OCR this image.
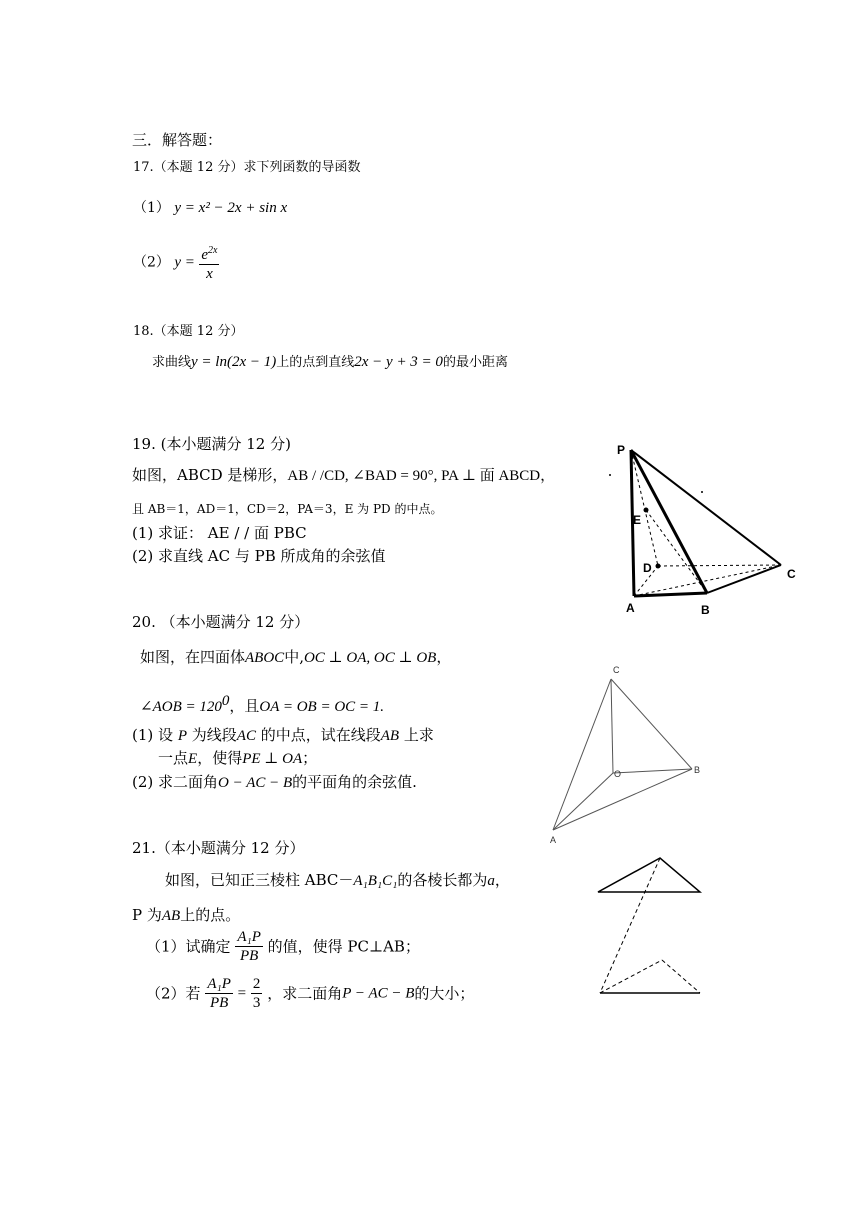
三．解答题：
17.（本题 12 分）求下列函数的导函数
（1） y = x² − 2x + sin x
（2） $y = \frac{e^{2x}}{x}$
18.（本题 12 分）
求曲线y = ln(2x − 1)上的点到直线2x − y + 3 = 0的最小距离
19. (本小题满分 12 分)
如图，ABCD 是梯形，AB / /CD, ∠BAD = 90°, PA ⊥ 面 ABCD，
且 AB＝1，AD＝1，CD＝2，PA＝3，E 为 PD 的中点。
(1) 求证： AE / / 面 PBC
(2) 求直线 AC 与 PB 所成角的余弦值
P
E
D	C
A	B
20. （本小题满分 12 分）
如图，在四面体ABOC中,OC ⊥ OA, OC ⊥ OB，
∠AOB = $120^0$，且OA = OB = OC = 1.
(1) 设 P 为线段AC 的中点，试在线段AB 上求
一点E，使得PE ⊥ OA；
(2) 求二面角O − AC − B的平面角的余弦值.
C
O	B
A
21.（本小题满分 12 分）
如图，已知正三棱柱 ABC－A₁B₁C₁的各棱长都为a，
P 为AB上的点。
（1）试确定 $\frac{\text{A₁P}}{PB}$ 的值，使得 PC⊥AB；
（2）若 $\frac{\text{A₁P}}{PB} = \frac{2}{3}$ ，求二面角P − AC − B的大小；
